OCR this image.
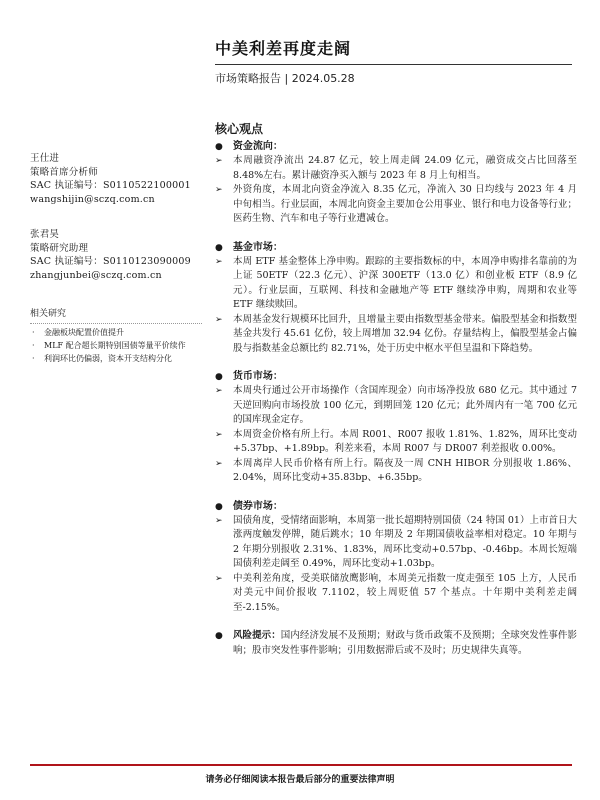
中美利差再度走阔
市场策略报告 | 2024.05.28
核心观点
王仕进
策略首席分析师
SAC 执证编号：S0110522100001
wangshijin@sczq.com.cn
张君昊
策略研究助理
SAC 执证编号：S0110123090009
zhangjunbei@sczq.com.cn
相关研究
· 金融板块配置价值提升
· MLF 配合超长期特别国债等量平价续作
· 利润环比仍偏弱，资本开支结构分化
● 资金流向：
➢	本周融资净流出 24.87 亿元，较上周走阔 24.09 亿元，融资成交占比回落至 8.48%左右。累计融资净买入额与 2023 年 8 月上旬相当。
➢	外资角度，本周北向资金净流入 8.35 亿元，净流入 30 日均线与 2023 年 4 月中旬相当。行业层面，本周北向资金主要加仓公用事业、银行和电力设备等行业；医药生物、汽车和电子等行业遭减仓。
● 基金市场：
➢	本周 ETF 基金整体上净申购。跟踪的主要指数标的中，本周净申购排名靠前的为上证 50ETF（22.3 亿元）、沪深 300ETF（13.0 亿）和创业板 ETF（8.9 亿元）。行业层面，互联网、科技和金融地产等 ETF 继续净申购，周期和农业等 ETF 继续赎回。
➢	本周基金发行规模环比回升，且增量主要由指数型基金带来。偏股型基金和指数型基金共发行 45.61 亿份，较上周增加 32.94 亿份。存量结构上，偏股型基金占偏股与指数基金总额比约 82.71%，处于历史中枢水平但呈温和下降趋势。
● 货币市场：
➢	本周央行通过公开市场操作（含国库现金）向市场净投放 680 亿元。其中通过 7 天逆回购向市场投放 100 亿元，到期回笼 120 亿元；此外周内有一笔 700 亿元的国库现金定存。
➢	本周资金价格有所上行。本周 R001、R007 报收 1.81%、1.82%，周环比变动+5.37bp、+1.89bp。利差来看，本周 R007 与 DR007 利差报收 0.00%。
➢	本周离岸人民币价格有所上行。隔夜及一周 CNH HIBOR 分别报收 1.86%、2.04%，周环比变动+35.83bp、+6.35bp。
● 债券市场：
➢	国债角度，受情绪面影响，本周第一批长超期特别国债（24 特国 01）上市首日大涨两度触发停牌，随后跳水；10 年期及 2 年期国债收益率相对稳定。10 年期与 2 年期分别报收 2.31%、1.83%，周环比变动+0.57bp、-0.46bp。本周长短端国债利差走阔至 0.49%，周环比变动+1.03bp。
➢	中美利差角度，受美联储放鹰影响，本周美元指数一度走强至 105 上方，人民币对美元中间价报收 7.1102，较上周贬值 57 个基点。十年期中美利差走阔至-2.15%。
●	风险提示：国内经济发展不及预期；财政与货币政策不及预期；全球突发性事件影响；股市突发性事件影响；引用数据滞后或不及时；历史规律失真等。
请务必仔细阅读本报告最后部分的重要法律声明
